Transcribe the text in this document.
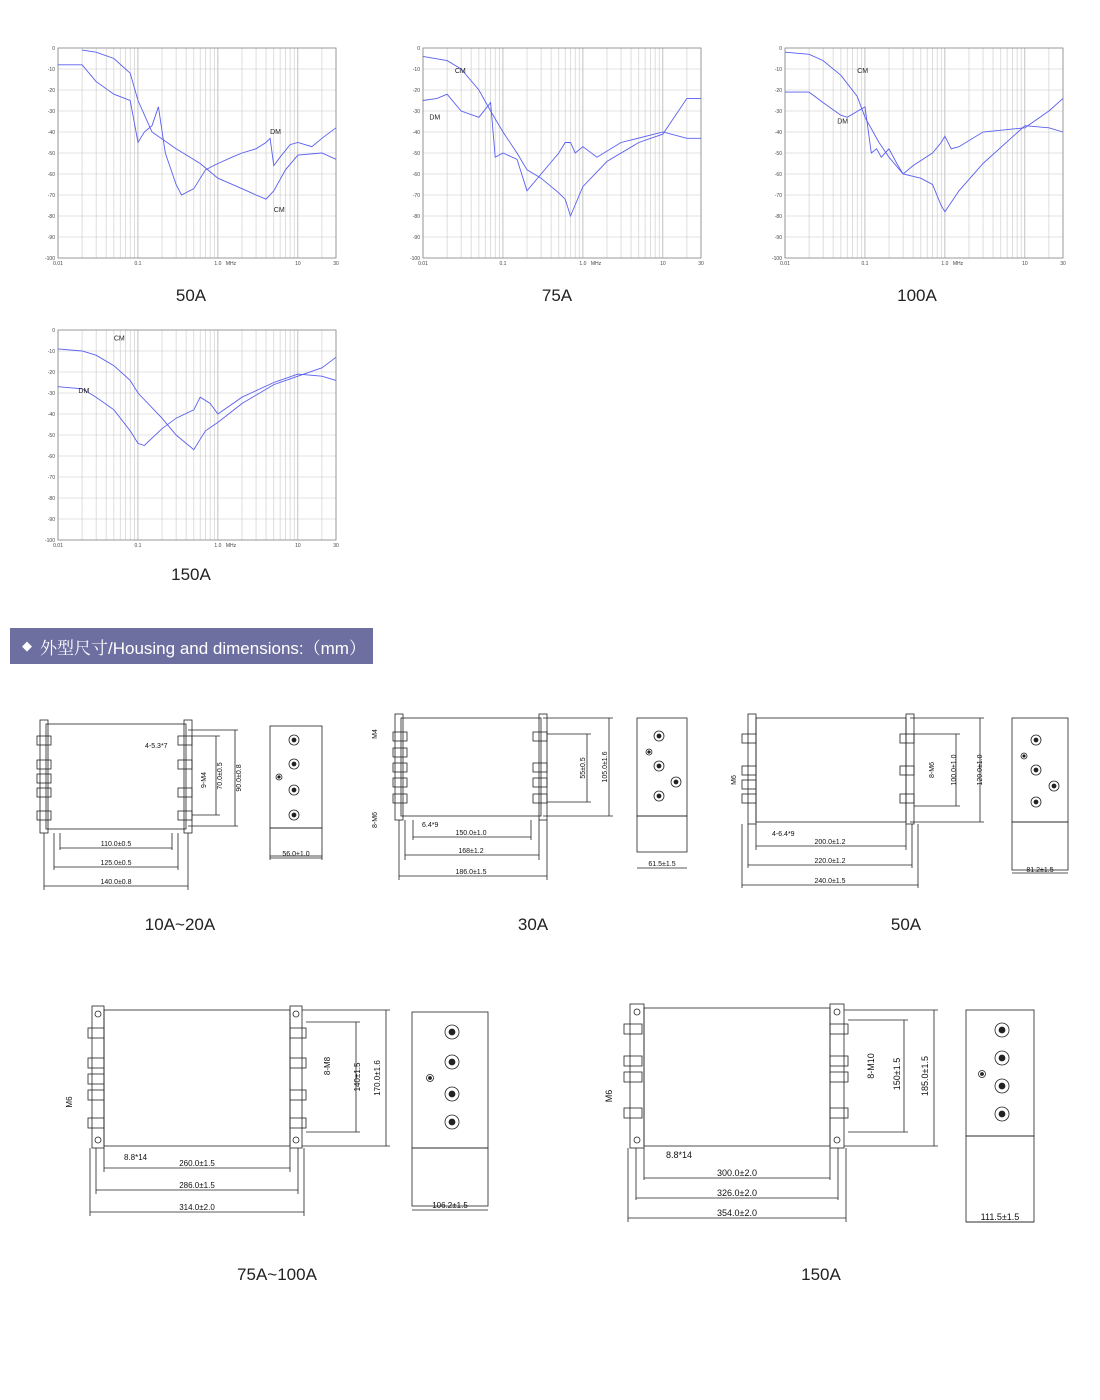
0
-10
-20
-30
-40
-50
-60
-70
-80
-90
-100
0.01	0.1	1.0	10	30
MHz
DM
CM
50A
0
-10
-20
-30
-40
-50
-60
-70
-80
-90
-100
0.01	0.1	1.0	10	30
MHz
CM
DM
75A
0
-10
-20
-30
-40
-50
-60
-70
-80
-90
-100
0.01	0.1	1.0	10	30
MHz
CM
DM
100A
0
-10
-20
-30
-40
-50
-60
-70
-80
-90
-100
0.01	0.1	1.0	10	30
MHz
CM
DM
150A
◆ 外型尺寸/Housing and dimensions:（mm）
110.0±0.5
125.0±0.5
140.0±0.8
4-5.3*7
9-M4 70.0±0.5 90.0±0.8
56.0±1.0
10A~20A
150.0±1.0
168±1.2
186.0±1.5
6.4*9
M4
8-M6
55±0.5 105.0±1.6
61.5±1.5
30A
200.0±1.2
220.0±1.2
240.0±1.5
4-6.4*9
M6
8-M6 100.0±1.0	120.0±1.0
81.2±1.5
50A
260.0±1.5
286.0±1.5
314.0±2.0
8.8*14
M6
8-M8	140±1.5 170.0±1.6
106.2±1.5
75A~100A
300.0±2.0
326.0±2.0
354.0±2.0
8.8*14
M6
8-M10 150±1.5 185.0±1.5
111.5±1.5
150A
